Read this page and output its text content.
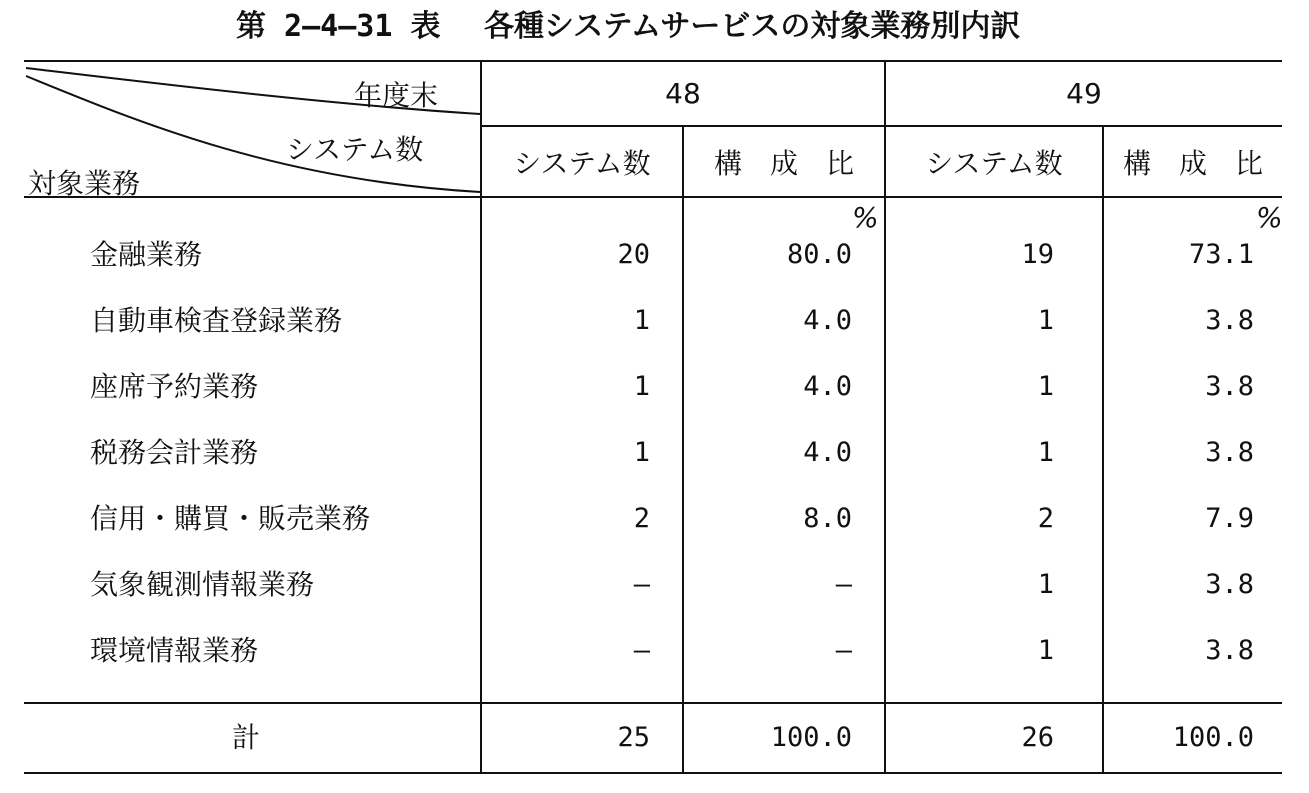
第 2—4—31 表 各種システムサービスの対象業務別内訳
年度末
システム数
対象業務
48	49
システム数	構　成　比	システム数	構　成　比
%	%
金融業務	20	80.0	19	73.1
自動車検査登録業務	1	4.0	1	3.8
座席予約業務	1	4.0	1	3.8
税務会計業務	1	4.0	1	3.8
信用・購買・販売業務	2	8.0	2	7.9
気象観測情報業務	—	—	1	3.8
環境情報業務	—	—	1	3.8
計	25	100.0	26	100.0
